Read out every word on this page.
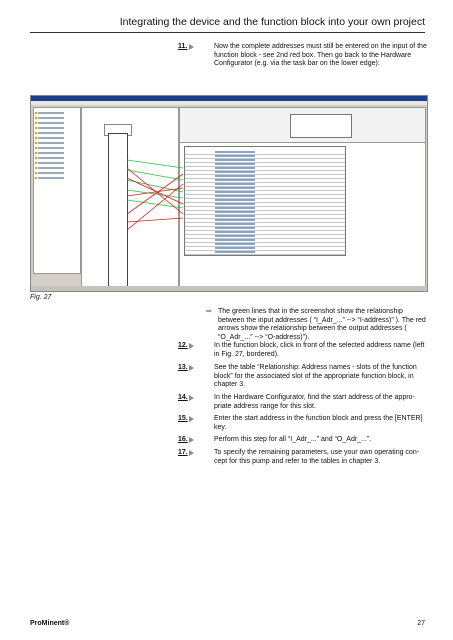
Integrating the device and the function block into your own project
11.	Now the complete addresses must still be entered on the input of the function block - see 2nd red box. Then go back to the Hardware Configurator (e.g. via the task bar on the lower edge):
Fig. 27
⇨ The green lines that in the screenshot show the relationship between the input addresses ( “I_Adr_...” --> “I-address)” ). The red arrows show the relationship between the output addresses ( “O_Adr_...” --> “O-address)”).
12.	In the function block, click in front of the selected address name (left in Fig. 27, bordered).
13.	See the table “Relationship: Address names - slots of the function block” for the associated slot of the appropriate function block, in chapter 3.
14.	In the Hardware Configurator, find the start address of the appro-priate address range for this slot.
15.	Enter the start address in the function block and press the [ENTER] key.
16.	Perform this step for all “I_Adr_...” and “O_Adr_...”.
17.	To specify the remaining parameters, use your own operating con-cept for this pump and refer to the tables in chapter 3.
ProMinent®	27
